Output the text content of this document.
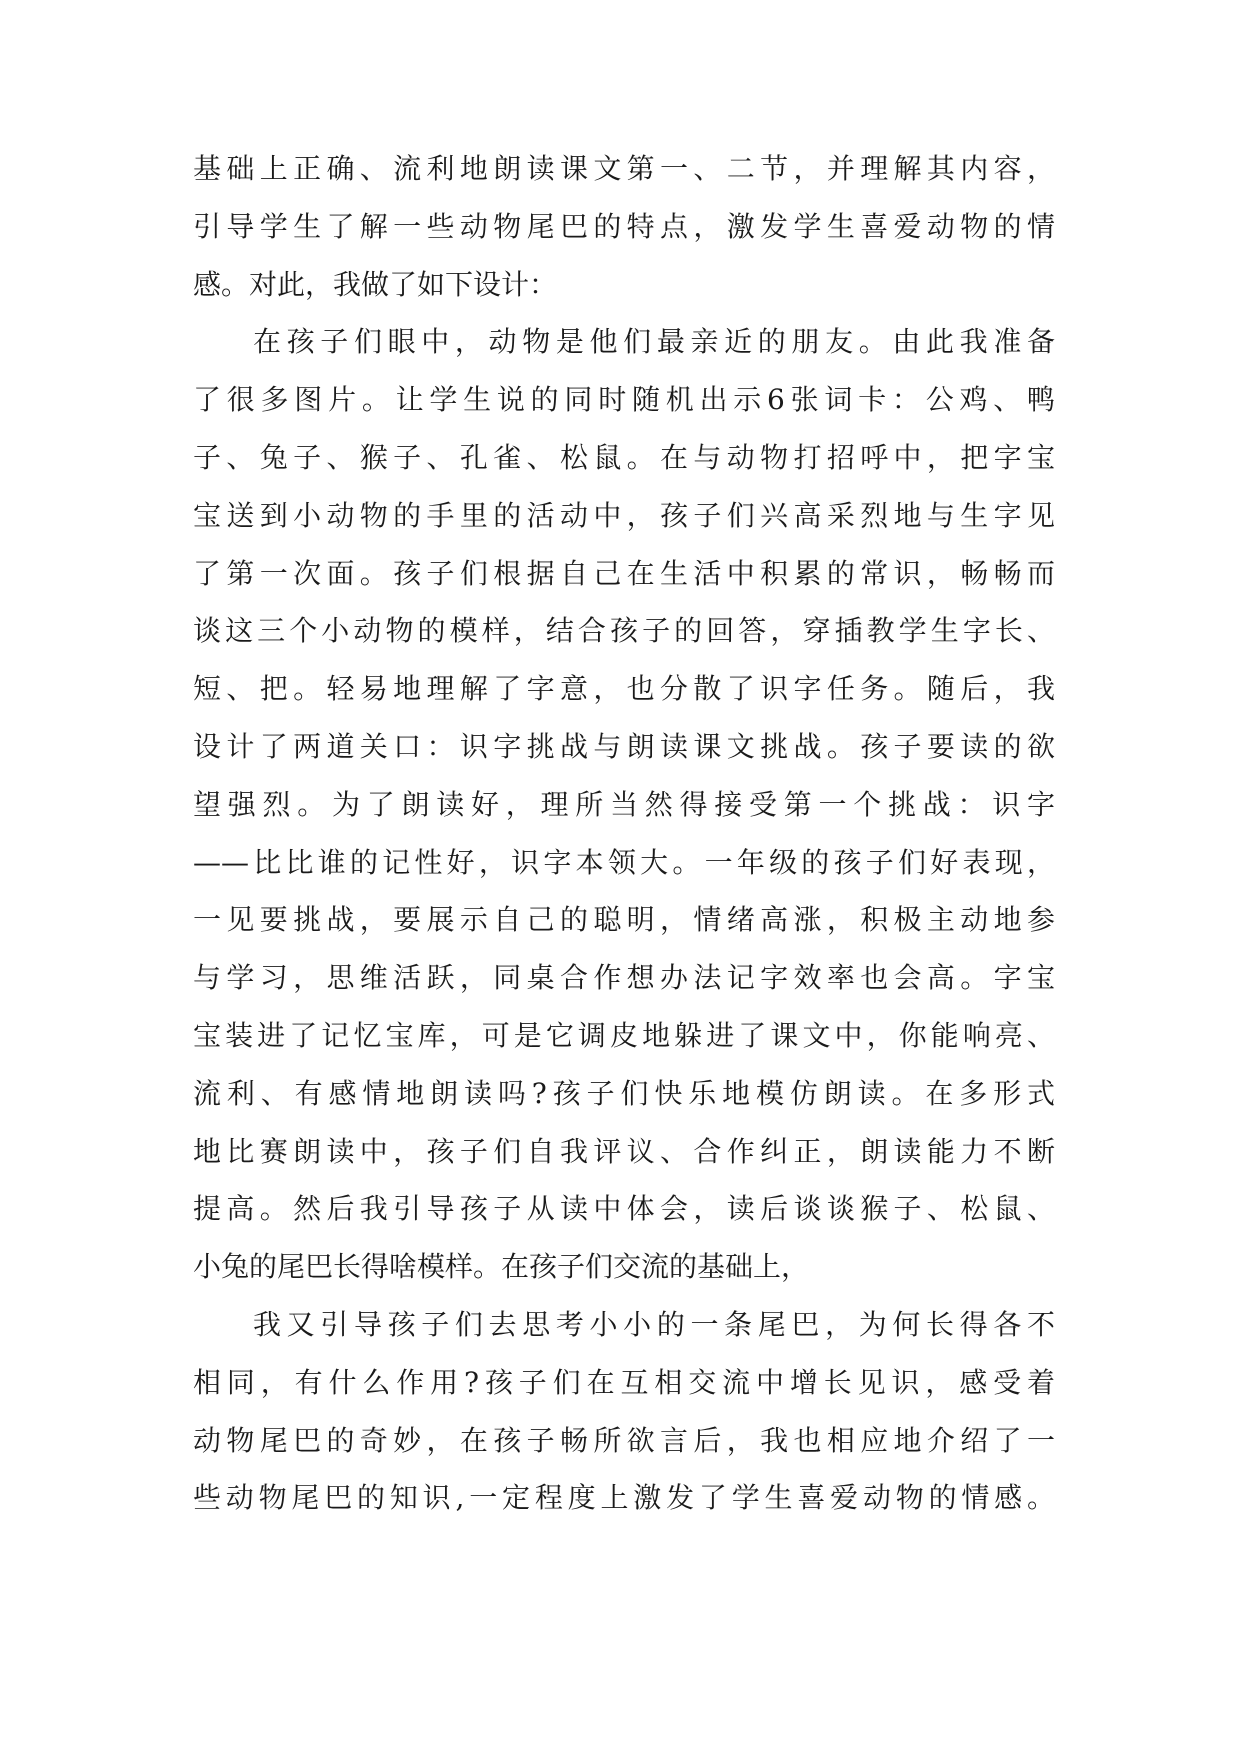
基础上正确、流利地朗读课文第一、二节，并理解其内容，
引导学生了解一些动物尾巴的特点，激发学生喜爱动物的情
感。对此，我做了如下设计：
在孩子们眼中，动物是他们最亲近的朋友。由此我准备
了很多图片。让学生说的同时随机出示6张词卡：公鸡、鸭
子、兔子、猴子、孔雀、松鼠。在与动物打招呼中，把字宝
宝送到小动物的手里的活动中，孩子们兴高采烈地与生字见
了第一次面。孩子们根据自己在生活中积累的常识，畅畅而
谈这三个小动物的模样，结合孩子的回答，穿插教学生字长、
短、把。轻易地理解了字意，也分散了识字任务。随后，我
设计了两道关口：识字挑战与朗读课文挑战。孩子要读的欲
望强烈。为了朗读好，理所当然得接受第一个挑战：识字
——比比谁的记性好，识字本领大。一年级的孩子们好表现，
一见要挑战，要展示自己的聪明，情绪高涨，积极主动地参
与学习，思维活跃，同桌合作想办法记字效率也会高。字宝
宝装进了记忆宝库，可是它调皮地躲进了课文中，你能响亮、
流利、有感情地朗读吗?孩子们快乐地模仿朗读。在多形式
地比赛朗读中，孩子们自我评议、合作纠正，朗读能力不断
提高。然后我引导孩子从读中体会，读后谈谈猴子、松鼠、
小兔的尾巴长得啥模样。在孩子们交流的基础上，
我又引导孩子们去思考小小的一条尾巴，为何长得各不
相同，有什么作用?孩子们在互相交流中增长见识，感受着
动物尾巴的奇妙，在孩子畅所欲言后，我也相应地介绍了一
些动物尾巴的知识,一定程度上激发了学生喜爱动物的情感。
